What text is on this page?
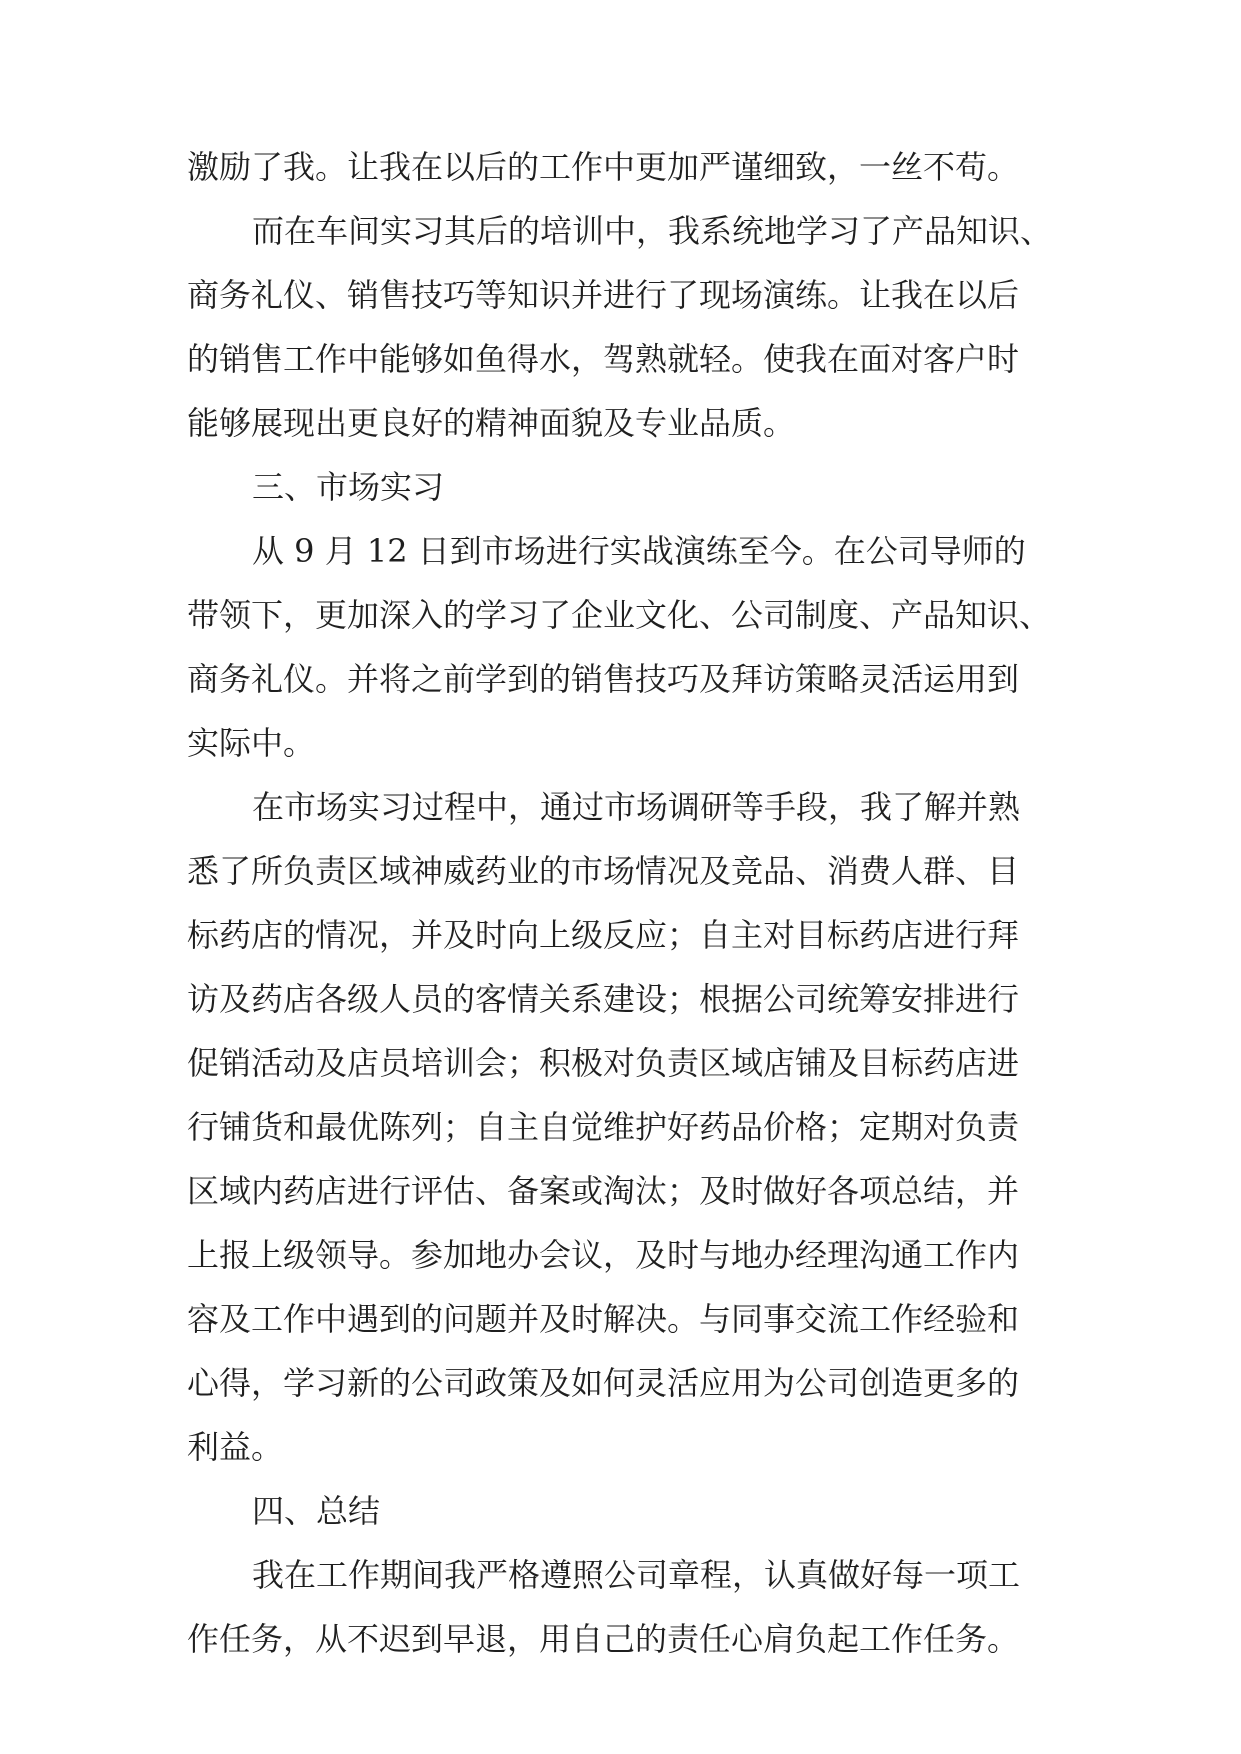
激励了我。让我在以后的工作中更加严谨细致，一丝不苟。
而在车间实习其后的培训中，我系统地学习了产品知识、
商务礼仪、销售技巧等知识并进行了现场演练。让我在以后
的销售工作中能够如鱼得水，驾熟就轻。使我在面对客户时
能够展现出更良好的精神面貌及专业品质。
三、市场实习
从 9 月 12 日到市场进行实战演练至今。在公司导师的
带领下，更加深入的学习了企业文化、公司制度、产品知识、
商务礼仪。并将之前学到的销售技巧及拜访策略灵活运用到
实际中。
在市场实习过程中，通过市场调研等手段，我了解并熟
悉了所负责区域神威药业的市场情况及竞品、消费人群、目
标药店的情况，并及时向上级反应；自主对目标药店进行拜
访及药店各级人员的客情关系建设；根据公司统筹安排进行
促销活动及店员培训会；积极对负责区域店铺及目标药店进
行铺货和最优陈列；自主自觉维护好药品价格；定期对负责
区域内药店进行评估、备案或淘汰；及时做好各项总结，并
上报上级领导。参加地办会议，及时与地办经理沟通工作内
容及工作中遇到的问题并及时解决。与同事交流工作经验和
心得，学习新的公司政策及如何灵活应用为公司创造更多的
利益。
四、总结
我在工作期间我严格遵照公司章程，认真做好每一项工
作任务，从不迟到早退，用自己的责任心肩负起工作任务。
